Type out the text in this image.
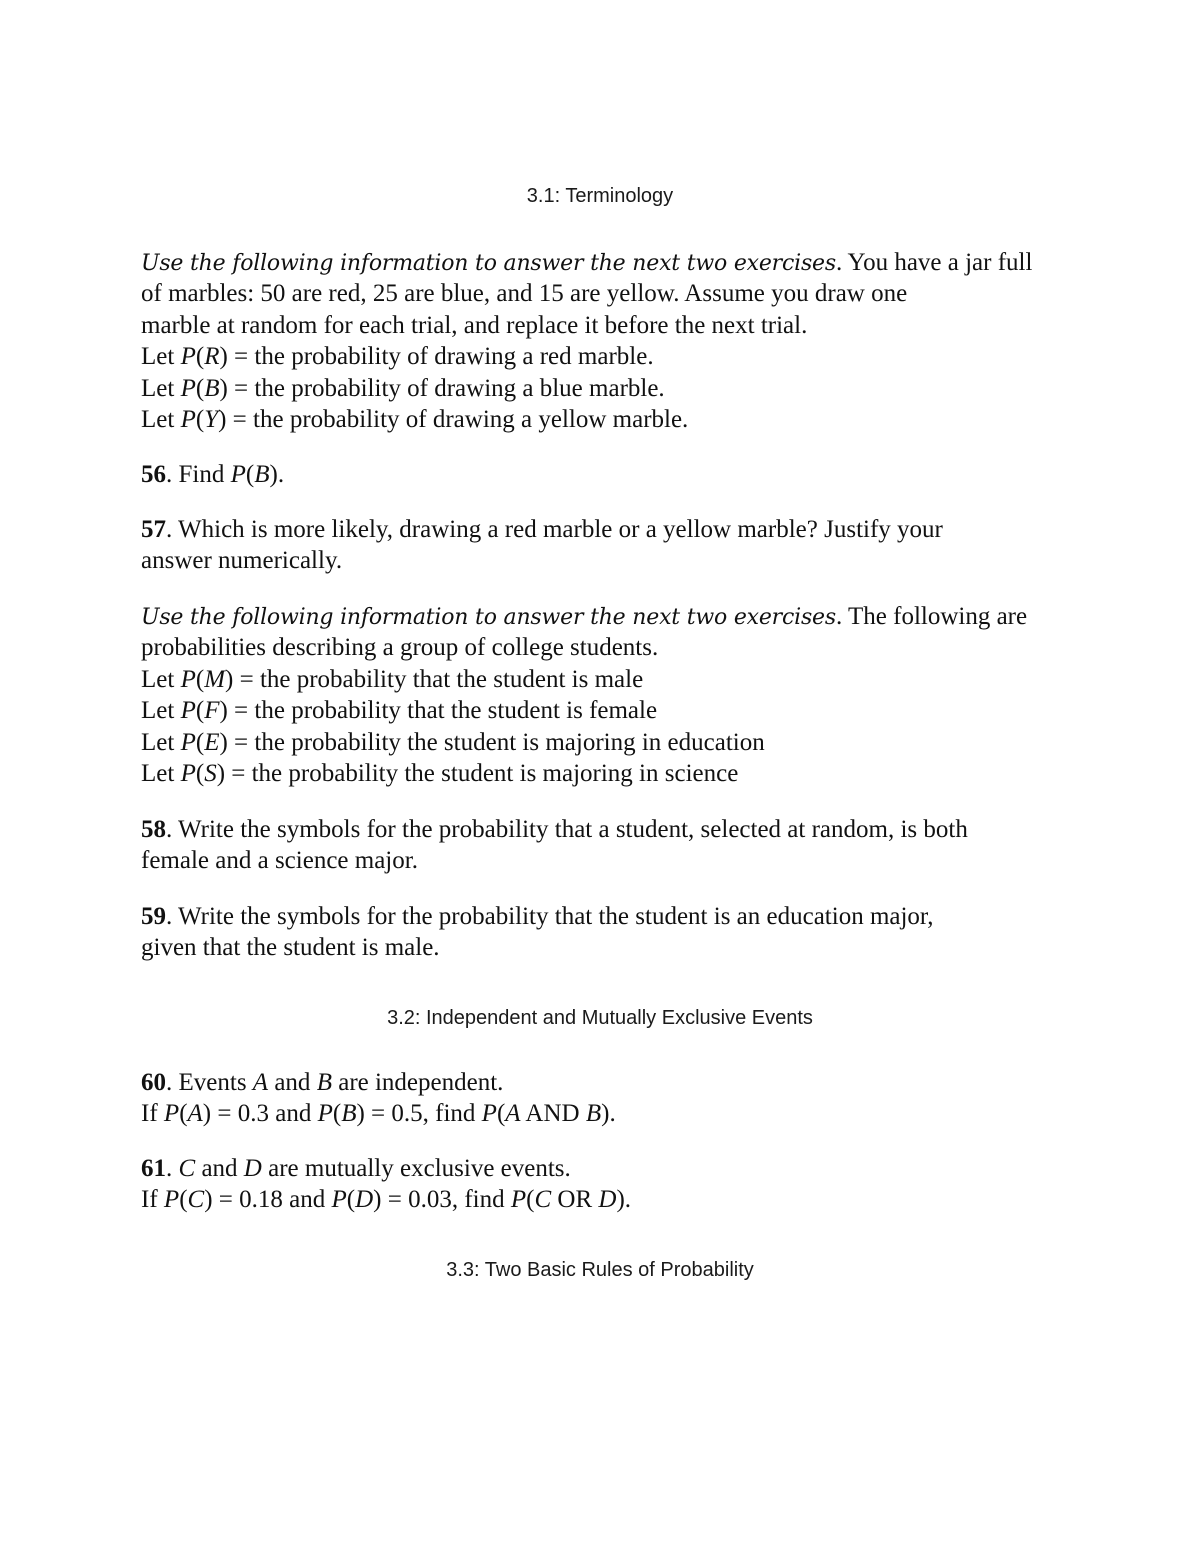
3.1: Terminology
Use the following information to answer the next two exercises. You have a jar full
of marbles: 50 are red, 25 are blue, and 15 are yellow. Assume you draw one
marble at random for each trial, and replace it before the next trial.
Let P(R) = the probability of drawing a red marble.
Let P(B) = the probability of drawing a blue marble.
Let P(Y) = the probability of drawing a yellow marble.
56. Find P(B).
57. Which is more likely, drawing a red marble or a yellow marble? Justify your
answer numerically.
Use the following information to answer the next two exercises. The following are
probabilities describing a group of college students.
Let P(M) = the probability that the student is male
Let P(F) = the probability that the student is female
Let P(E) = the probability the student is majoring in education
Let P(S) = the probability the student is majoring in science
58. Write the symbols for the probability that a student, selected at random, is both
female and a science major.
59. Write the symbols for the probability that the student is an education major,
given that the student is male.
3.2: Independent and Mutually Exclusive Events
60. Events A and B are independent.
If P(A) = 0.3 and P(B) = 0.5, find P(A AND B).
61. C and D are mutually exclusive events.
If P(C) = 0.18 and P(D) = 0.03, find P(C OR D).
3.3: Two Basic Rules of Probability
